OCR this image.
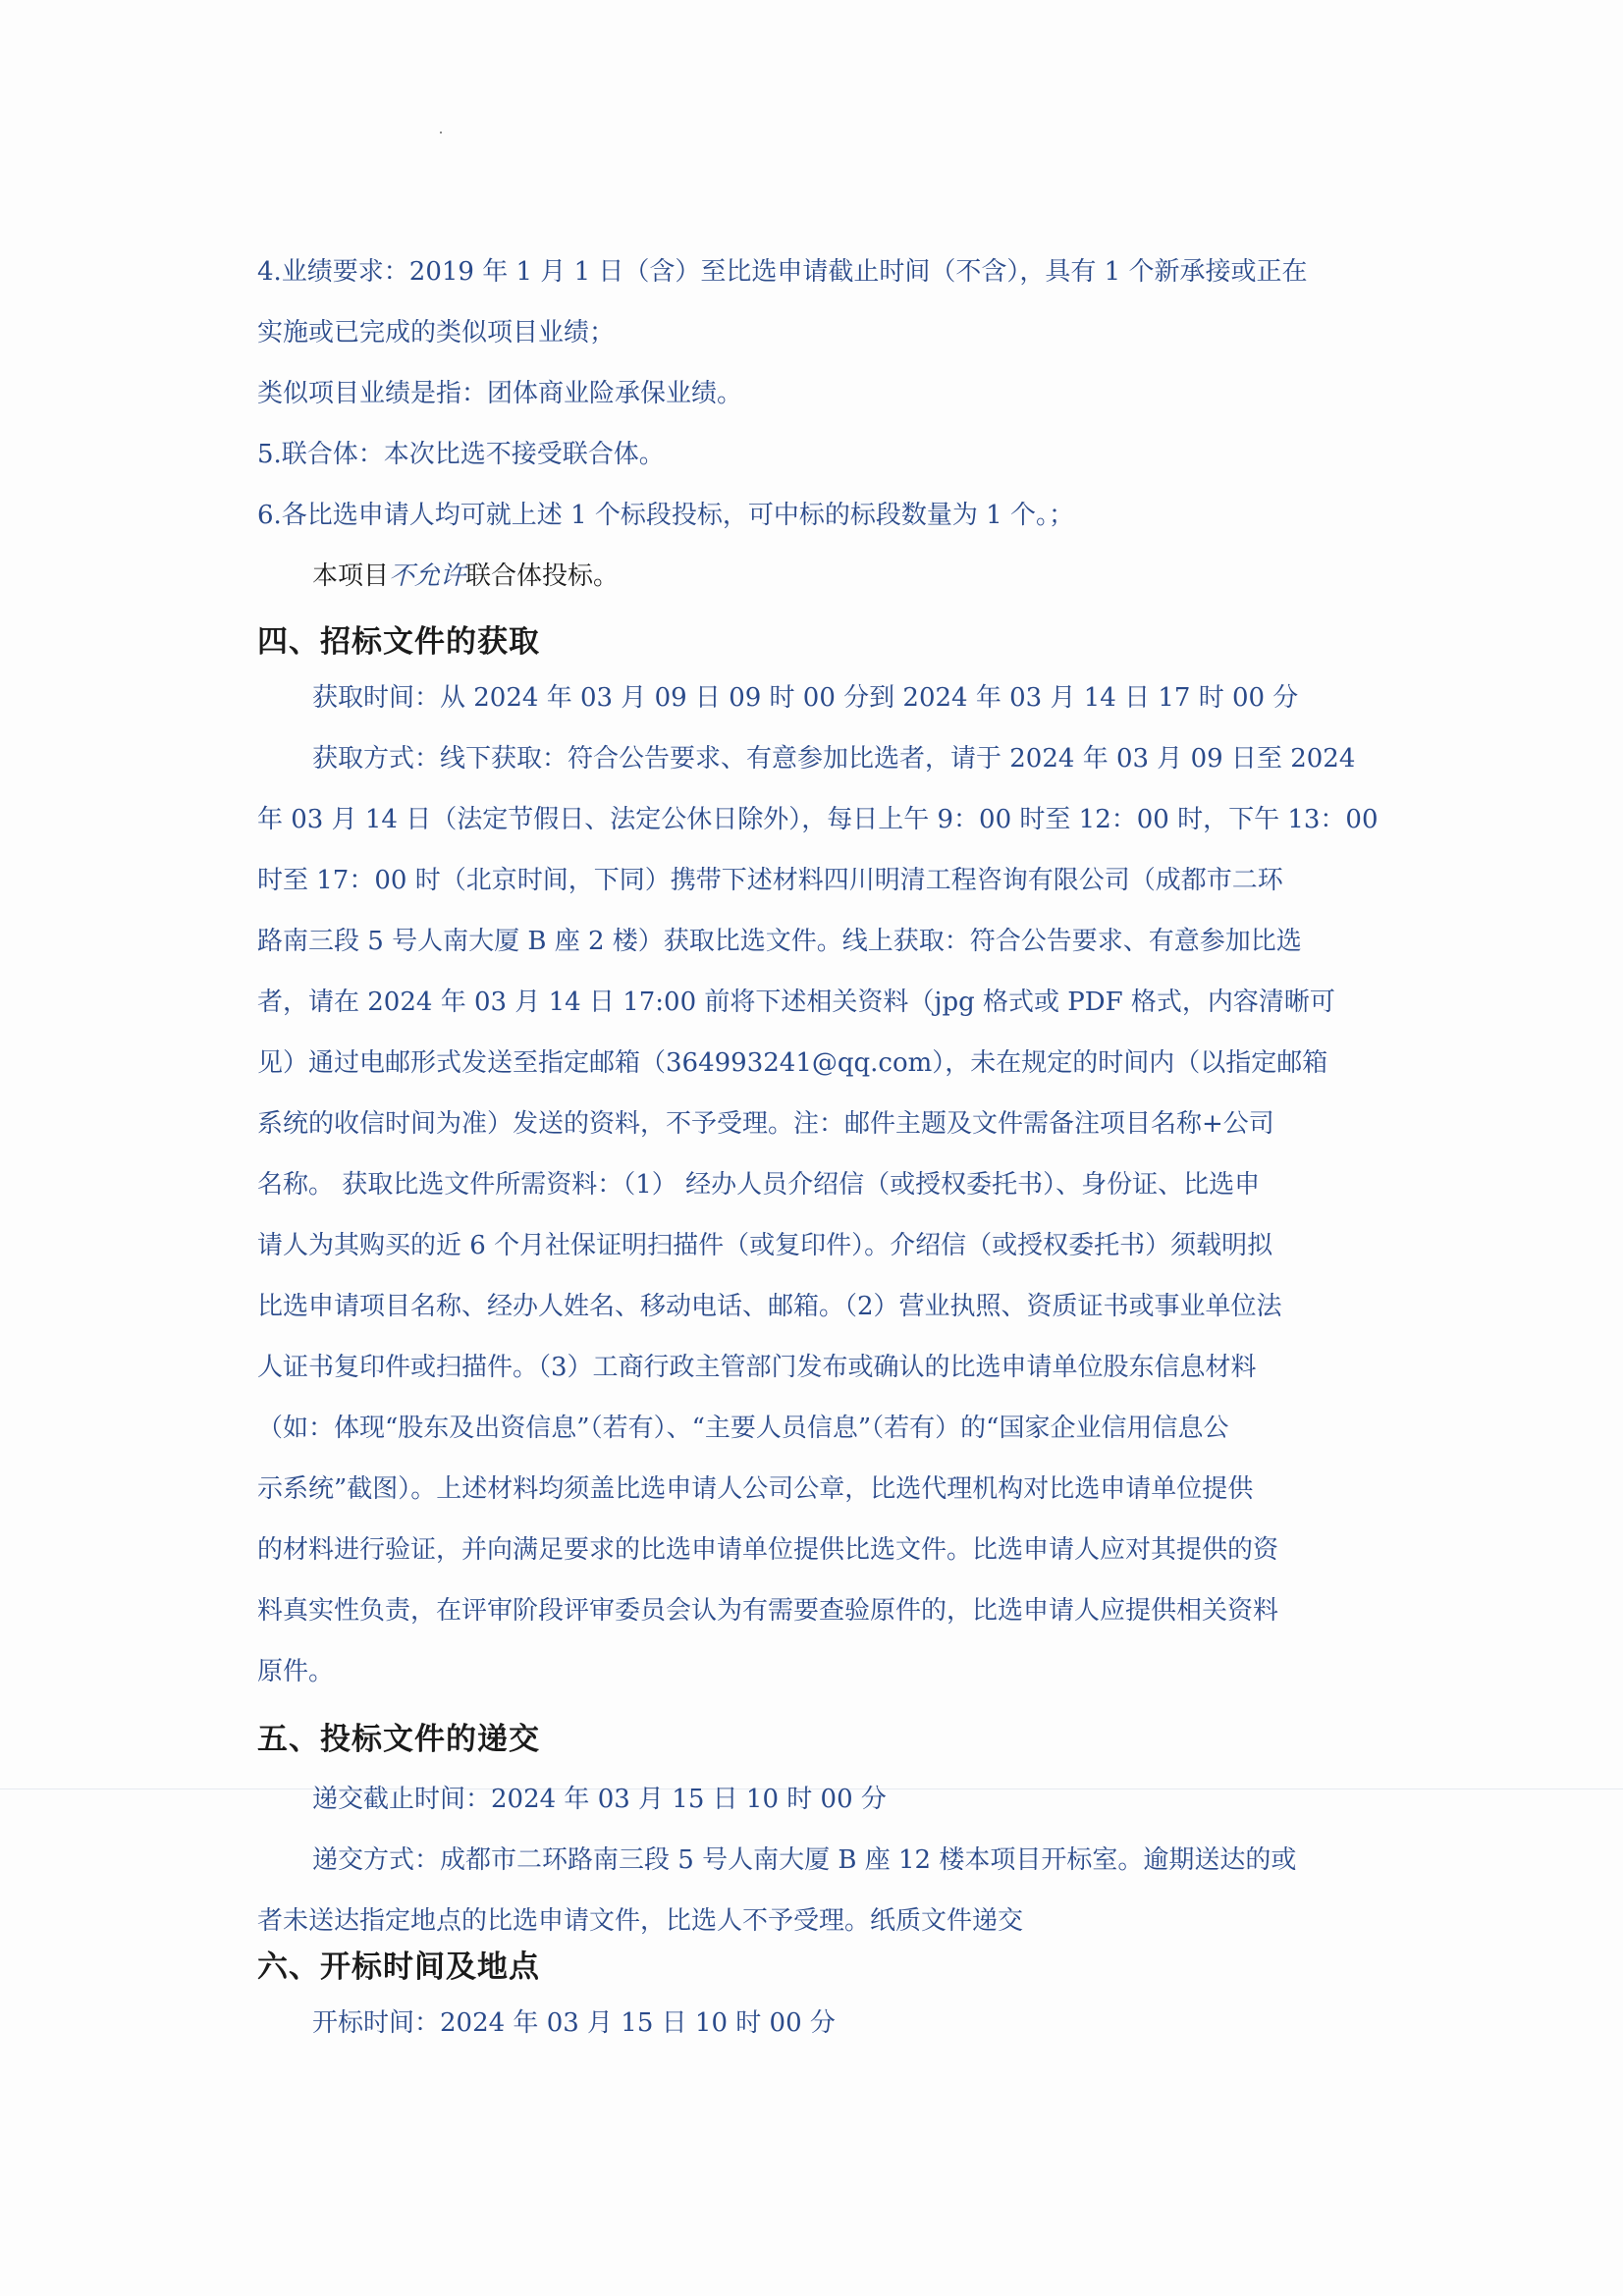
4.业绩要求：2019 年 1 月 1 日（含）至比选申请截止时间（不含），具有 1 个新承接或正在
实施或已完成的类似项目业绩；
类似项目业绩是指：团体商业险承保业绩。

5.联合体：本次比选不接受联合体。

6.各比选申请人均可就上述 1 个标段投标，可中标的标段数量为 1 个。；

本项目不允许联合体投标。

四、招标文件的获取

获取时间：从 2024 年 03 月 09 日 09 时 00 分到 2024 年 03 月 14 日 17 时 00 分

获取方式：线下获取：符合公告要求、有意参加比选者，请于 2024 年 03 月 09 日至 2024
年 03 月 14 日（法定节假日、法定公休日除外），每日上午 9：00 时至 12：00 时，下午 13：00
时至 17：00 时（北京时间，下同）携带下述材料四川明清工程咨询有限公司（成都市二环
路南三段 5 号人南大厦 B 座 2 楼）获取比选文件。线上获取：符合公告要求、有意参加比选
者，请在 2024 年 03 月 14 日 17:00 前将下述相关资料（jpg 格式或 PDF 格式，内容清晰可
见）通过电邮形式发送至指定邮箱（364993241@qq.com），未在规定的时间内（以指定邮箱
系统的收信时间为准）发送的资料，不予受理。注：邮件主题及文件需备注项目名称+公司
名称。 获取比选文件所需资料：（1） 经办人员介绍信（或授权委托书）、身份证、比选申
请人为其购买的近 6 个月社保证明扫描件（或复印件）。介绍信（或授权委托书）须载明拟
比选申请项目名称、经办人姓名、移动电话、邮箱。（2）营业执照、资质证书或事业单位法
人证书复印件或扫描件。（3）工商行政主管部门发布或确认的比选申请单位股东信息材料
（如：体现“股东及出资信息”（若有）、“主要人员信息”（若有）的“国家企业信用信息公
示系统”截图）。上述材料均须盖比选申请人公司公章，比选代理机构对比选申请单位提供
的材料进行验证，并向满足要求的比选申请单位提供比选文件。比选申请人应对其提供的资
料真实性负责，在评审阶段评审委员会认为有需要查验原件的，比选申请人应提供相关资料
原件。

五、投标文件的递交

递交截止时间：2024 年 03 月 15 日 10 时 00 分

递交方式：成都市二环路南三段 5 号人南大厦 B 座 12 楼本项目开标室。逾期送达的或
者未送达指定地点的比选申请文件，比选人不予受理。纸质文件递交

六、开标时间及地点

开标时间：2024 年 03 月 15 日 10 时 00 分
